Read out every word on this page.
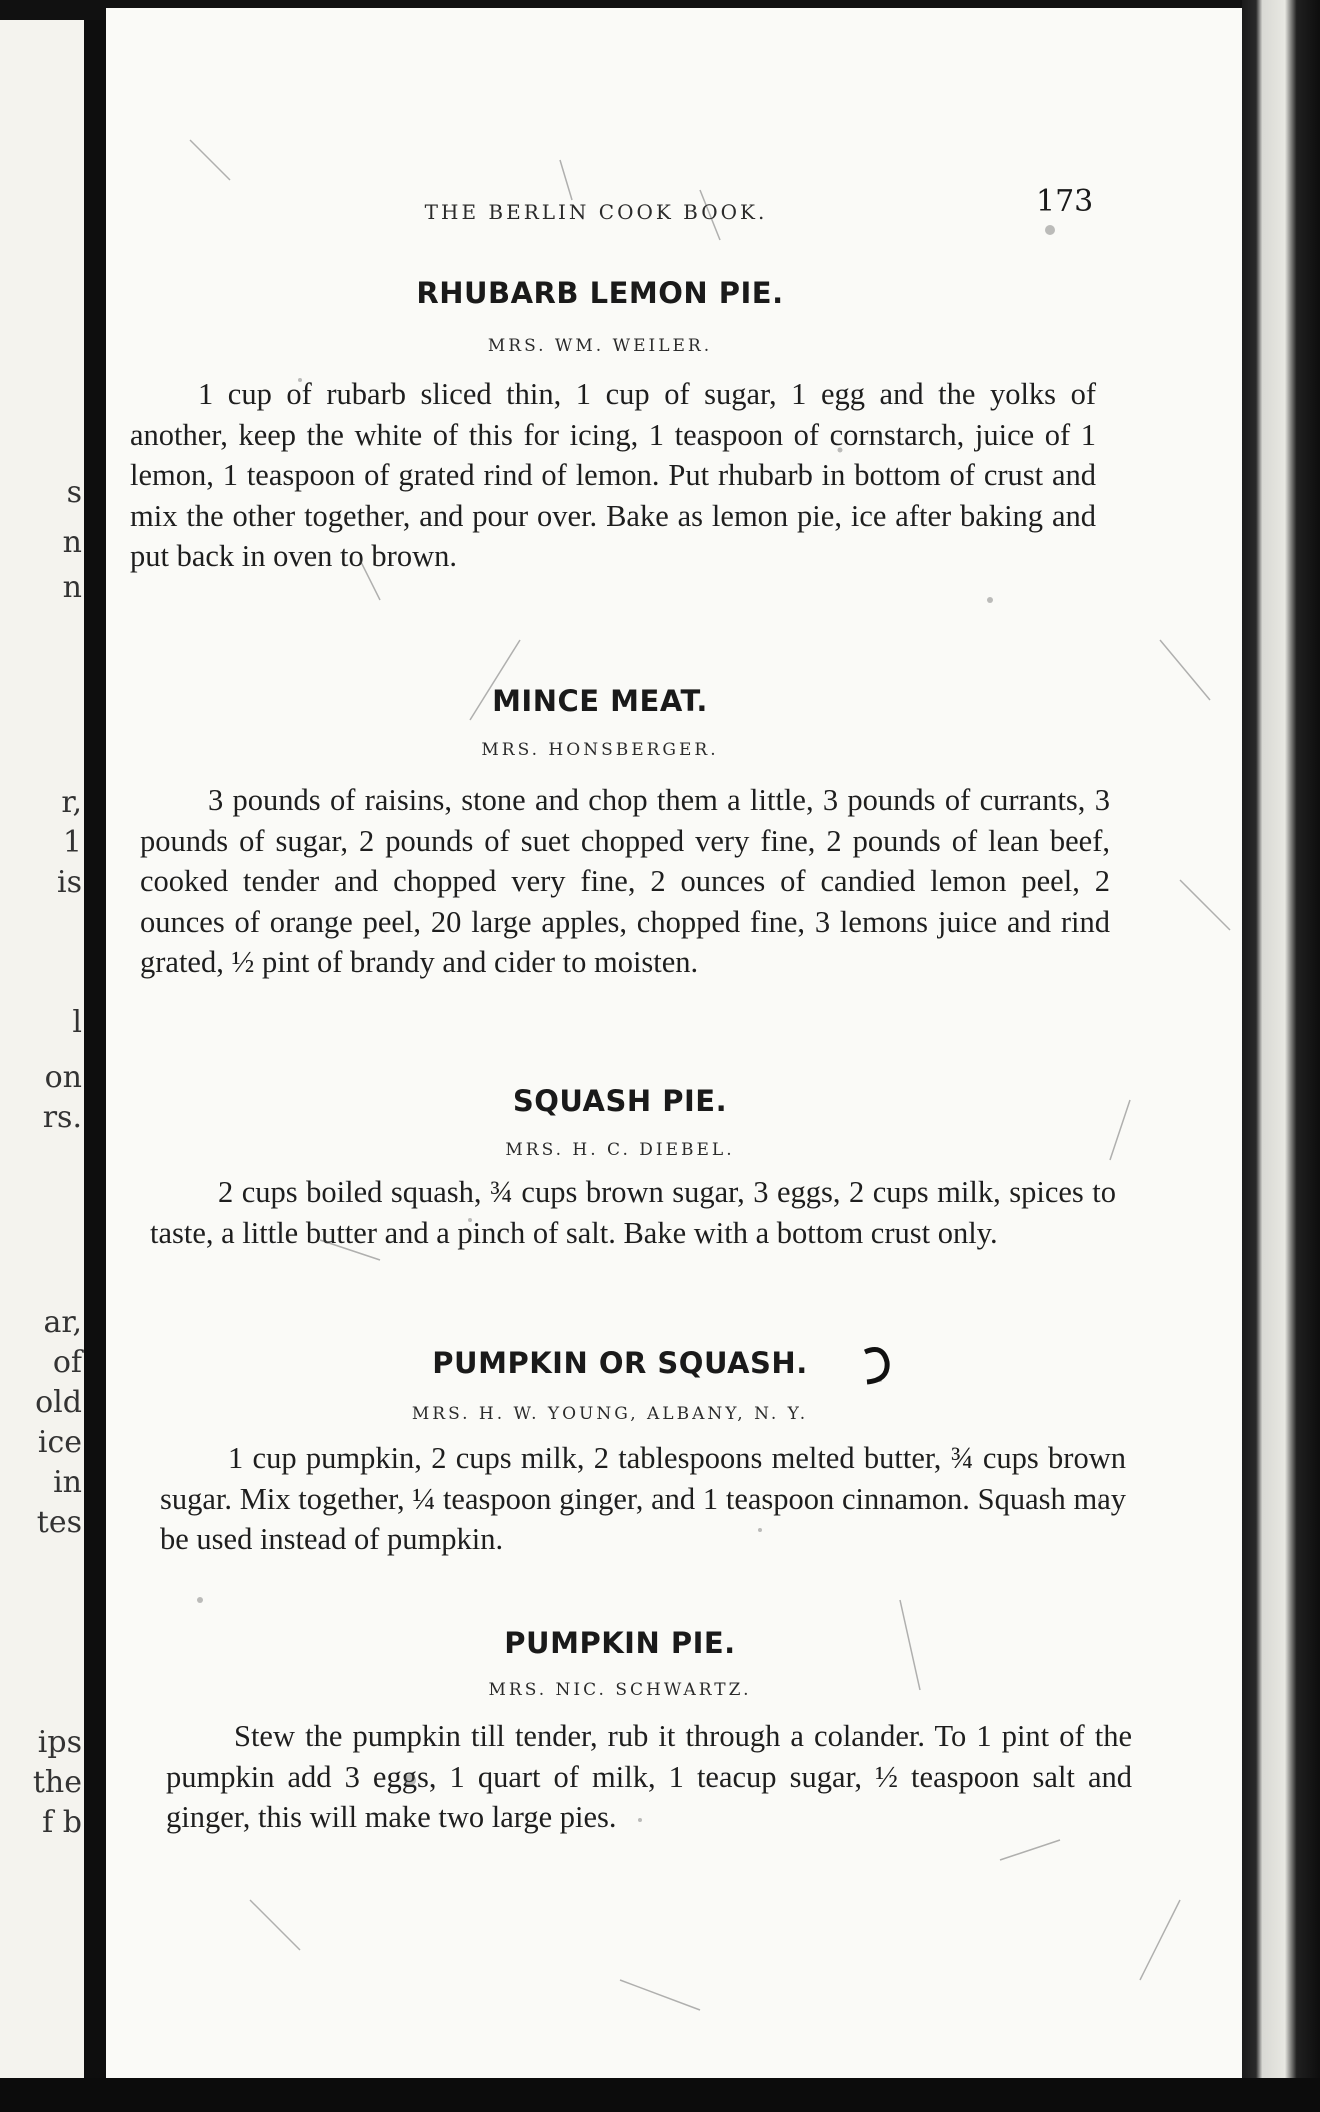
s
n
n
r,
1
is
l
on
rs.
ar,
of
old
ice
in
tes
ips
the
f b
THE BERLIN COOK BOOK.	173
RHUBARB LEMON PIE.
MRS. WM. WEILER.

1 cup of rubarb sliced thin, 1 cup of sugar, 1 egg and the yolks of another, keep the white of this for icing, 1 teaspoon of cornstarch, juice of 1 lemon, 1 teaspoon of grated rind of lemon. Put rhubarb in bottom of crust and mix the other together, and pour over. Bake as lemon pie, ice after baking and put back in oven to brown.

MINCE MEAT.
MRS. HONSBERGER.

3 pounds of raisins, stone and chop them a little, 3 pounds of currants, 3 pounds of sugar, 2 pounds of suet chopped very fine, 2 pounds of lean beef, cooked tender and chopped very fine, 2 ounces of candied lemon peel, 2 ounces of orange peel, 20 large apples, chopped fine, 3 lemons juice and rind grated, ½ pint of brandy and cider to moisten.

SQUASH PIE.
MRS. H. C. DIEBEL.

2 cups boiled squash, ¾ cups brown sugar, 3 eggs, 2 cups milk, spices to taste, a little butter and a pinch of salt. Bake with a bottom crust only.

PUMPKIN OR SQUASH.
MRS. H. W. YOUNG, ALBANY, N. Y.

1 cup pumpkin, 2 cups milk, 2 tablespoons melted butter, ¾ cups brown sugar. Mix together, ¼ teaspoon ginger, and 1 teaspoon cinnamon. Squash may be used instead of pumpkin.

PUMPKIN PIE.
MRS. NIC. SCHWARTZ.

Stew the pumpkin till tender, rub it through a colander. To 1 pint of the pumpkin add 3 eggs, 1 quart of milk, 1 teacup sugar, ½ teaspoon salt and ginger, this will make two large pies.
